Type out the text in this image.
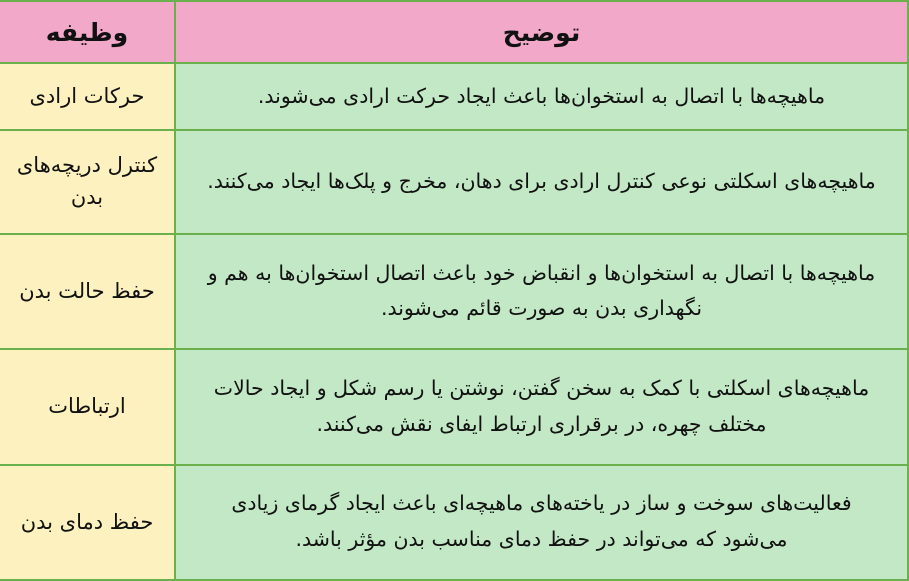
توضیح	وظیفه

ماهیچه‌ها با اتصال به استخوان‌ها باعث ایجاد حرکت ارادی می‌شوند.	حرکات ارادی

ماهیچه‌های اسکلتی نوعی کنترل ارادی برای دهان، مخرج و پلک‌ها ایجاد می‌کنند.	کنترل دریچه‌های بدن

ماهیچه‌ها با اتصال به استخوان‌ها و انقباض خود باعث اتصال استخوان‌ها به هم و نگهداری بدن به صورت قائم می‌شوند.	حفظ حالت بدن

ماهیچه‌های اسکلتی با کمک به سخن گفتن، نوشتن یا رسم شکل و ایجاد حالات مختلف چهره، در برقراری ارتباط ایفای نقش می‌کنند.	ارتباطات

فعالیت‌های سوخت و ساز در یاخته‌های ماهیچه‌ای باعث ایجاد گرمای زیادی می‌شود که می‌تواند در حفظ دمای مناسب بدن مؤثر باشد.	حفظ دمای بدن
